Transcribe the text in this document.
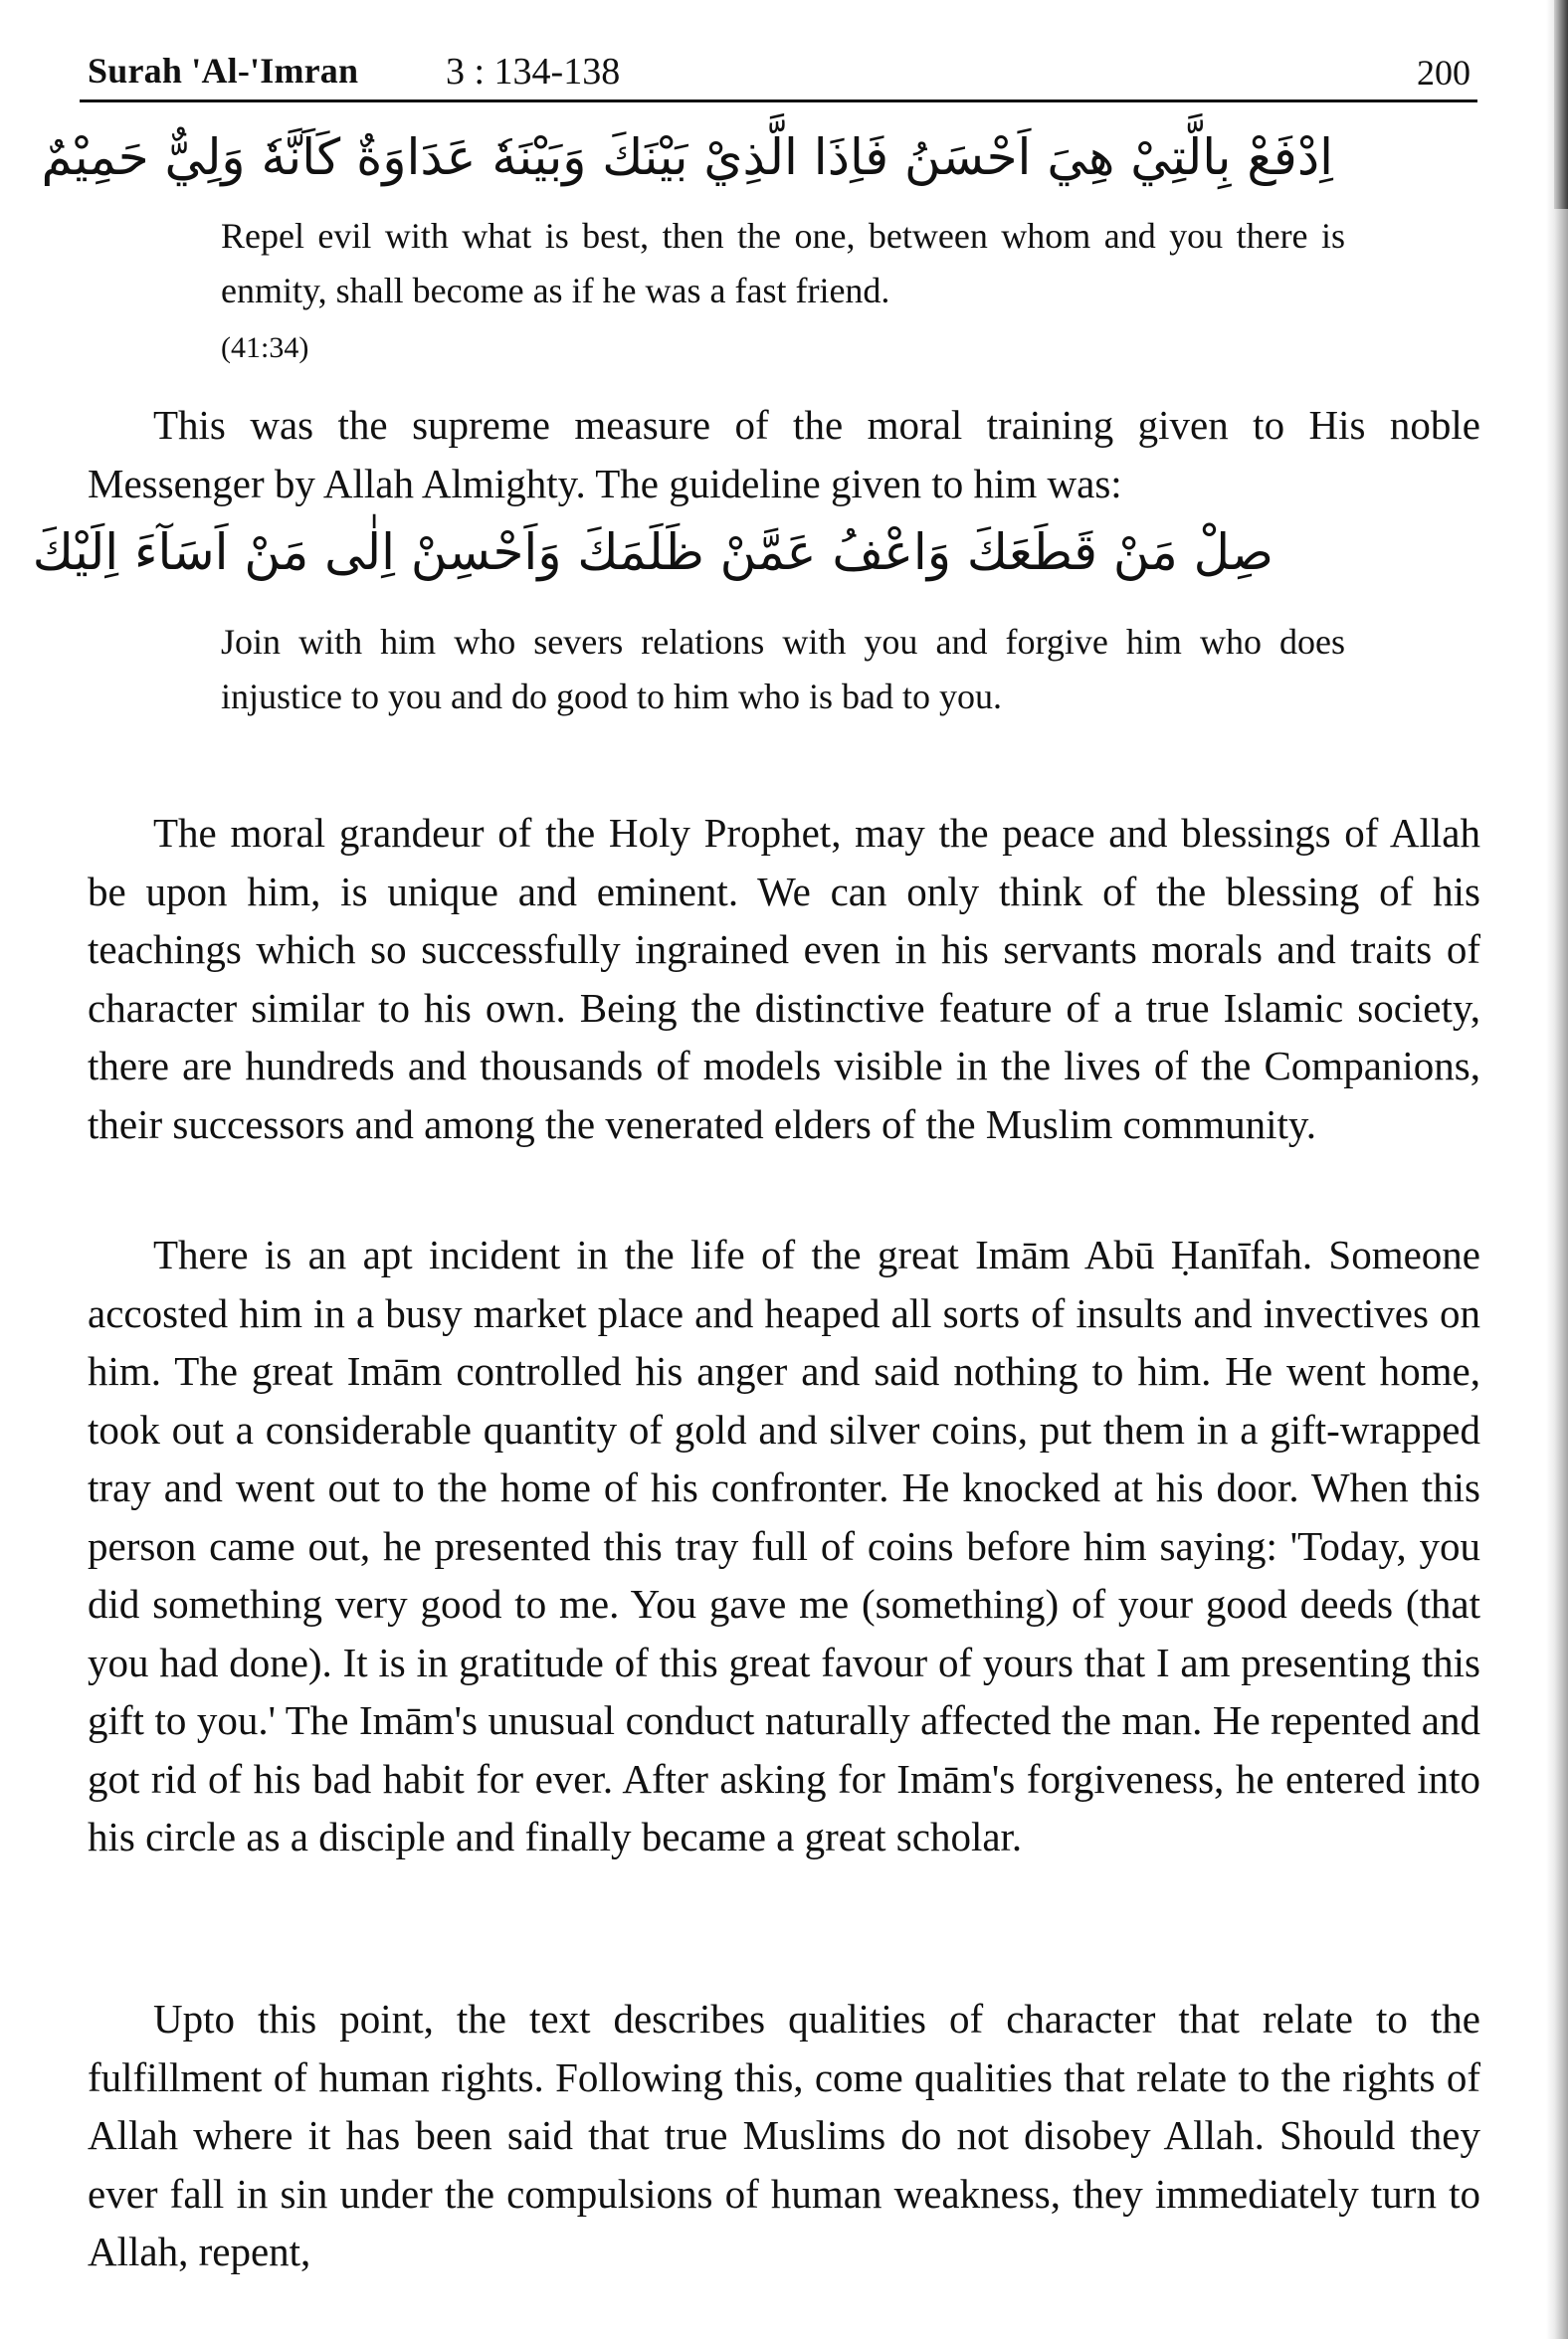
Surah 'Al-'Imran 3 : 134-138	200
اِدْفَعْ بِالَّتِيْ هِيَ اَحْسَنُ فَاِذَا الَّذِيْ بَيْنَكَ وَبَيْنَهٗ عَدَاوَةٌ كَاَنَّهٗ وَلِيٌّ حَمِيْمٌ
Repel evil with what is best, then the one, between whom and you there is enmity, shall become as if he was a fast friend.
(41:34)
This was the supreme measure of the moral training given to His noble Messenger by Allah Almighty. The guideline given to him was:
صِلْ مَنْ قَطَعَكَ وَاعْفُ عَمَّنْ ظَلَمَكَ وَاَحْسِنْ اِلٰى مَنْ اَسَآءَ اِلَيْكَ
Join with him who severs relations with you and forgive him who does injustice to you and do good to him who is bad to you.
The moral grandeur of the Holy Prophet, may the peace and blessings of Allah be upon him, is unique and eminent. We can only think of the blessing of his teachings which so successfully ingrained even in his servants morals and traits of character similar to his own. Being the distinctive feature of a true Islamic society, there are hundreds and thousands of models visible in the lives of the Companions, their successors and among the venerated elders of the Muslim community.
There is an apt incident in the life of the great Imām Abū Ḥanīfah. Someone accosted him in a busy market place and heaped all sorts of insults and invectives on him. The great Imām controlled his anger and said nothing to him. He went home, took out a considerable quantity of gold and silver coins, put them in a gift-wrapped tray and went out to the home of his confronter. He knocked at his door. When this person came out, he presented this tray full of coins before him saying: 'Today, you did something very good to me. You gave me (something) of your good deeds (that you had done). It is in gratitude of this great favour of yours that I am presenting this gift to you.' The Imām's unusual conduct naturally affected the man. He repented and got rid of his bad habit for ever. After asking for Imām's forgiveness, he entered into his circle as a disciple and finally became a great scholar.
Upto this point, the text describes qualities of character that relate to the fulfillment of human rights. Following this, come qualities that relate to the rights of Allah where it has been said that true Muslims do not disobey Allah. Should they ever fall in sin under the compulsions of human weakness, they immediately turn to Allah, repent,
